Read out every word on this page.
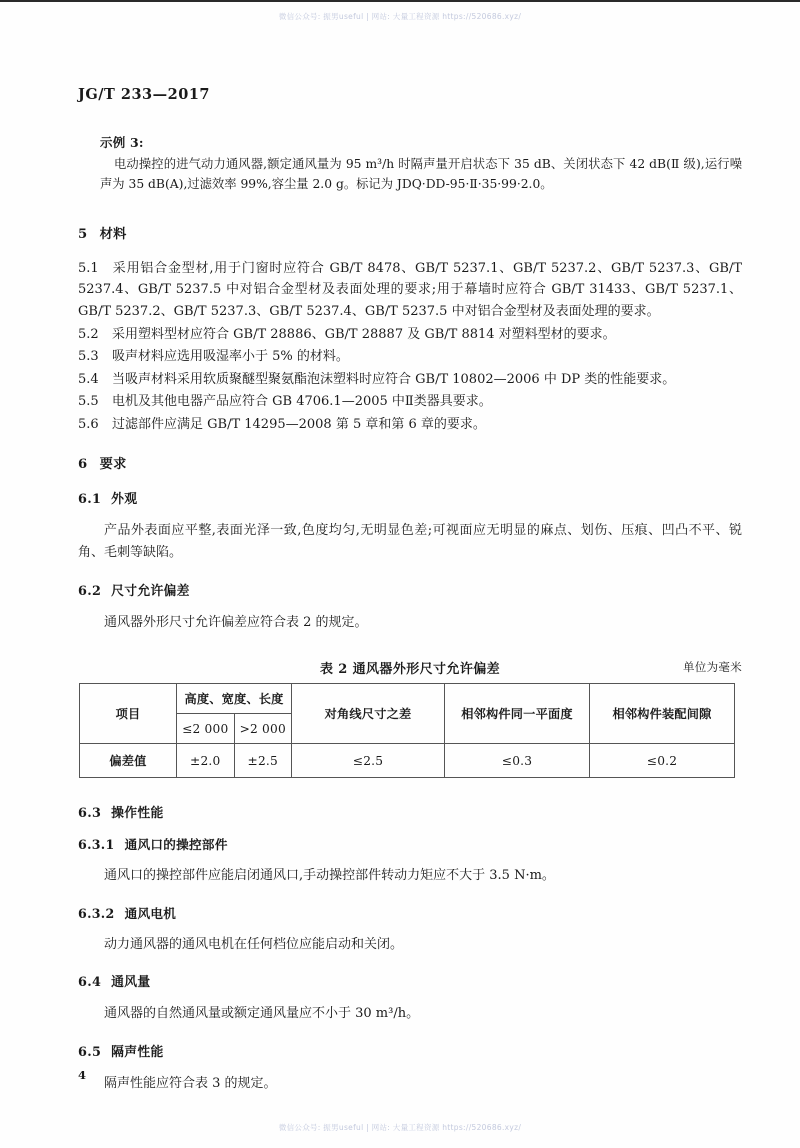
微信公众号: 振男useful | 网站: 大量工程资源 https://520686.xyz/
JG/T 233—2017
示例 3:

电动操控的进气动力通风器,额定通风量为 95 m³/h 时隔声量开启状态下 35 dB、关闭状态下 42 dB(Ⅱ 级),运行噪声为 35 dB(A),过滤效率 99%,容尘量 2.0 g。标记为 JDQ·DD-95·Ⅱ·35·99·2.0。

5 材料

5.1 采用铝合金型材,用于门窗时应符合 GB/T 8478、GB/T 5237.1、GB/T 5237.2、GB/T 5237.3、GB/T 5237.4、GB/T 5237.5 中对铝合金型材及表面处理的要求;用于幕墙时应符合 GB/T 31433、GB/T 5237.1、GB/T 5237.2、GB/T 5237.3、GB/T 5237.4、GB/T 5237.5 中对铝合金型材及表面处理的要求。

5.2 采用塑料型材应符合 GB/T 28886、GB/T 28887 及 GB/T 8814 对塑料型材的要求。

5.3 吸声材料应选用吸湿率小于 5% 的材料。

5.4 当吸声材料采用软质聚醚型聚氨酯泡沫塑料时应符合 GB/T 10802—2006 中 DP 类的性能要求。

5.5 电机及其他电器产品应符合 GB 4706.1—2005 中Ⅱ类器具要求。

5.6 过滤部件应满足 GB/T 14295—2008 第 5 章和第 6 章的要求。

6 要求
6.1 外观

产品外表面应平整,表面光泽一致,色度均匀,无明显色差;可视面应无明显的麻点、划伤、压痕、凹凸不平、锐角、毛刺等缺陷。

6.2 尺寸允许偏差

通风器外形尺寸允许偏差应符合表 2 的规定。

表 2 通风器外形尺寸允许偏差	单位为毫米
项目	高度、宽度、长度		对角线尺寸之差	相邻构件同一平面度	相邻构件装配间隙
	≤2 000	>2 000			
偏差值	±2.0	±2.5	≤2.5	≤0.3	≤0.2
6.3 操作性能
6.3.1 通风口的操控部件

通风口的操控部件应能启闭通风口,手动操控部件转动力矩应不大于 3.5 N·m。

6.3.2 通风电机

动力通风器的通风电机在任何档位应能启动和关闭。

6.4 通风量

通风器的自然通风量或额定通风量应不小于 30 m³/h。

6.5 隔声性能

隔声性能应符合表 3 的规定。

4
微信公众号: 振男useful | 网站: 大量工程资源 https://520686.xyz/
